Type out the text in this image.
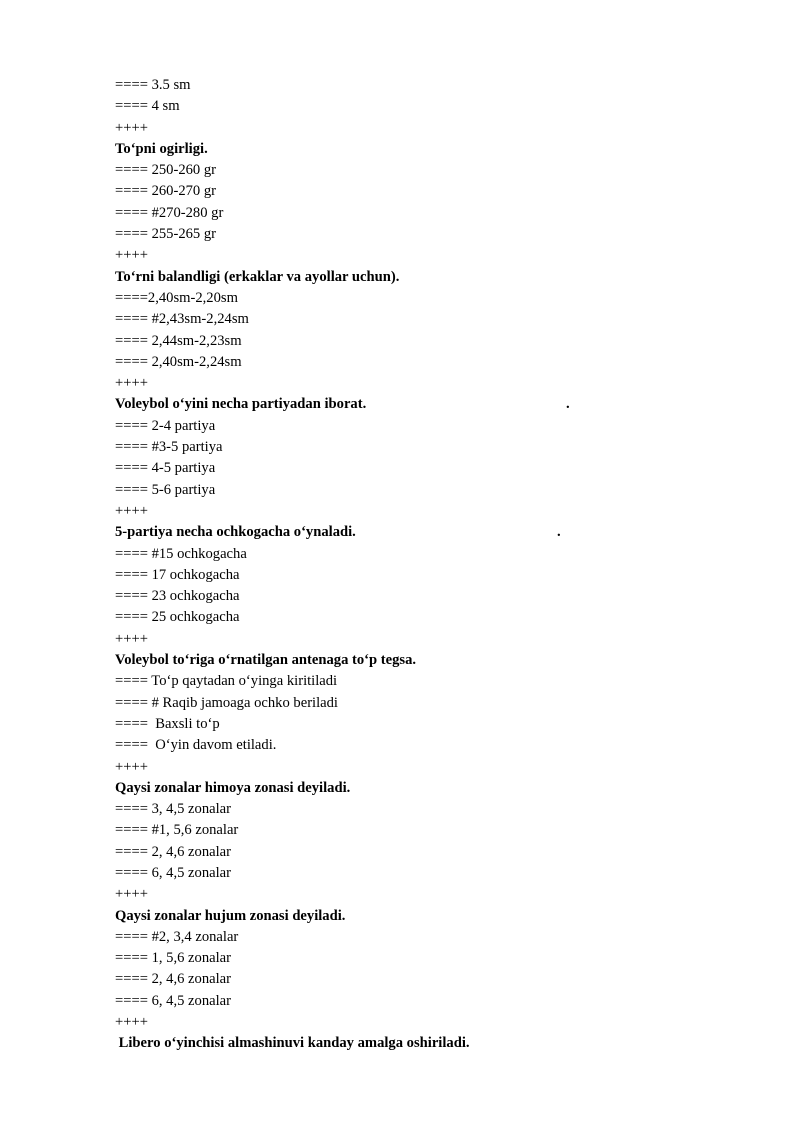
==== 3.5 sm
==== 4 sm
++++
To‘pni ogirligi.
==== 250-260 gr
==== 260-270 gr
==== #270-280 gr
==== 255-265 gr
++++
To‘rni balandligi (erkaklar va ayollar uchun).
====2,40sm-2,20sm
==== #2,43sm-2,24sm
==== 2,44sm-2,23sm
==== 2,40sm-2,24sm
++++
Voleybol o‘yini necha partiyadan iborat.	.
==== 2-4 partiya
==== #3-5 partiya
==== 4-5 partiya
==== 5-6 partiya
++++
5-partiya necha ochkogacha o‘ynaladi.	.
==== #15 ochkogacha
==== 17 ochkogacha
==== 23 ochkogacha
==== 25 ochkogacha
++++
Voleybol to‘riga o‘rnatilgan antenaga to‘p tegsa.
==== To‘p qaytadan o‘yinga kiritiladi
==== # Raqib jamoaga ochko beriladi
====  Baxsli to‘p
====  O‘yin davom etiladi.
++++
Qaysi zonalar himoya zonasi deyiladi.
==== 3, 4,5 zonalar
==== #1, 5,6 zonalar
==== 2, 4,6 zonalar
==== 6, 4,5 zonalar
++++
Qaysi zonalar hujum zonasi deyiladi.
==== #2, 3,4 zonalar
==== 1, 5,6 zonalar
==== 2, 4,6 zonalar
==== 6, 4,5 zonalar
++++
Libero o‘yinchisi almashinuvi kanday amalga oshiriladi.
